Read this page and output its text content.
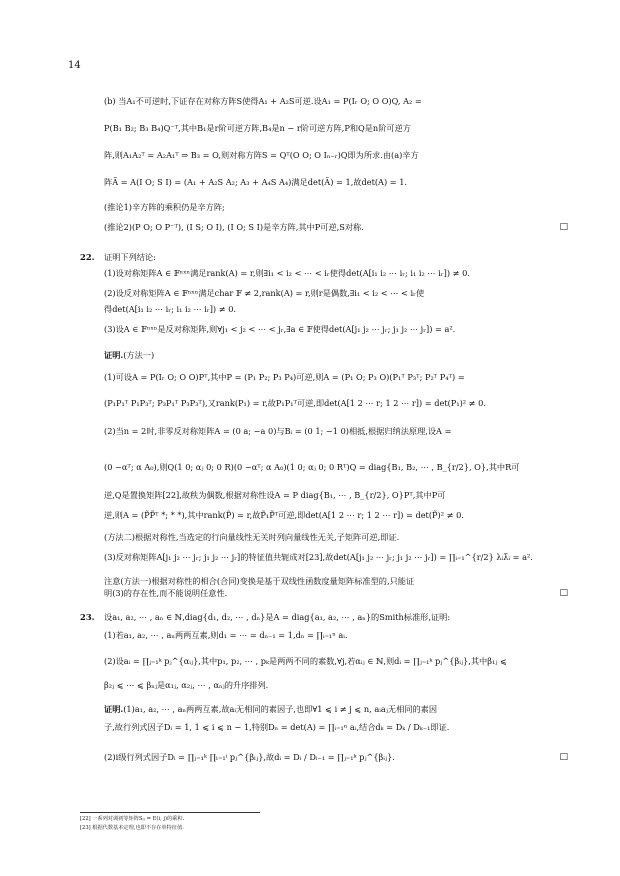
14
(b) 当A₁不可逆时,下证存在对称方阵S使得A₁ + A₂S可逆.设A₁ = P(Iᵣ O; O O)Q, A₂ =
P(B₁ B₂; B₃ B₄)Q⁻ᵀ,其中B₁是r阶可逆方阵,B₄是n − r阶可逆方阵,P和Q是n阶可逆方
阵,则A₁A₂ᵀ = A₂A₁ᵀ ⇒ B₃ = O,则对称方阵S = Qᵀ(O O; O Iₙ₋ᵣ)Q即为所求.由(a)辛方
阵Ã = A(I O; S I) = (A₁ + A₂S A₂; A₃ + A₄S A₄)满足det(Ã) = 1,故det(A) = 1.
(推论1)辛方阵的乘积仍是辛方阵;
(推论2)(P O; O P⁻ᵀ), (I S; O I), (I O; S I)是辛方阵,其中P可逆,S对称.	□
22. 证明下列结论:
(1)设对称矩阵A ∈ 𝔽ⁿˣⁿ满足rank(A) = r,则∃i₁ < i₂ < ⋯ < iᵣ使得det(A[i₁ i₂ ⋯ iᵣ; i₁ i₂ ⋯ iᵣ]) ≠ 0.
(2)设反对称矩阵A ∈ 𝔽ⁿˣⁿ满足char 𝔽 ≠ 2,rank(A) = r,则r是偶数,∃i₁ < i₂ < ⋯ < iᵣ使
得det(A[i₁ i₂ ⋯ iᵣ; i₁ i₂ ⋯ iᵣ]) ≠ 0.
(3)设A ∈ 𝔽ⁿˣⁿ是反对称矩阵,则∀j₁ < j₂ < ⋯ < jᵣ,∃a ∈ 𝔽使得det(A[j₁ j₂ ⋯ jᵣ; j₁ j₂ ⋯ jᵣ]) = a².
证明.(方法一)
(1)可设A = P(Iᵣ O; O O)Pᵀ,其中P = (P₁ P₂; P₃ P₄)可逆,则A = (P₁ O; P₃ O)(P₁ᵀ P₃ᵀ; P₂ᵀ P₄ᵀ) =
(P₁P₁ᵀ P₁P₃ᵀ; P₃P₁ᵀ P₃P₃ᵀ),又rank(P₁) = r,故P₁P₁ᵀ可逆,即det(A[1 2 ⋯ r; 1 2 ⋯ r]) = det(P₁)² ≠ 0.
(2)当n = 2时,非零反对称矩阵A = (0 a; −a 0)与Bᵢ = (0 1; −1 0)相抵,根据归纳法原理,设A =
(0 −αᵀ; α A₀),则Q(1 0; αⱼ 0; 0 R)(0 −αᵀ; α A₀)(1 0; αⱼ 0; 0 Rᵀ)Q = diag{B₁, B₂, ⋯ , B_{r/2}, O},其中R可
逆,Q是置换矩阵[22],故秩为偶数,根据对称性设A = P diag{B₁, ⋯ , B_{r/2}, O}Pᵀ,其中P可
逆,则A = (P̃P̃ᵀ *; * *),其中rank(P̃) = r,故P̃₁P̃ᵀ可逆,即det(A[1 2 ⋯ r; 1 2 ⋯ r]) = det(P̃)² ≠ 0.
(方法二)根据对称性,当选定的行向量线性无关时列向量线性无关,子矩阵可逆,即证.
(3)反对称矩阵A[j₁ j₂ ⋯ jᵣ; j₁ j₂ ⋯ jᵣ]的特征值共轭成对[23],故det(A[j₁ j₂ ⋯ jᵣ; j₁ j₂ ⋯ jᵣ]) = ∏ᵢ₌₁^{r/2} λᵢλ̄ᵢ = a².
注意(方法一)根据对称性的相合(合同)变换是基于双线性函数度量矩阵标准型的,只能证
明(3)的存在性,而不能说明任意性.	□
23. 设a₁, a₂, ⋯ , aₙ ∈ ℕ,diag{d₁, d₂, ⋯ , dₙ}是A = diag{a₁, a₂, ⋯ , aₙ}的Smith标准形,证明:
(1)若a₁, a₂, ⋯ , aₙ两两互素,则d₁ = ⋯ = dₙ₋₁ = 1,dₙ = ∏ᵢ₌₁ⁿ aᵢ.
(2)设aᵢ = ∏ⱼ₌₁ᵏ pⱼ^{αᵢⱼ},其中p₁, p₂, ⋯ , pₖ是两两不同的素数,∀j,若αᵢⱼ ∈ ℕ,则dᵢ = ∏ⱼ₌₁ᵏ pⱼ^{βᵢⱼ},其中β₁ⱼ ⩽
β₂ⱼ ⩽ ⋯ ⩽ βₙⱼ是α₁ⱼ, α₂ⱼ, ⋯ , αₙⱼ的升序排列.
证明.(1)a₁, a₂, ⋯ , aₙ两两互素,故aᵢ无相同的素因子,也即∀1 ⩽ i ≠ j ⩽ n, aᵢaⱼ无相同的素因
子,故行列式因子Dᵢ = 1, 1 ⩽ i ⩽ n − 1,特别Dₙ = det(A) = ∏ᵢ₌₁ⁿ aᵢ,结合dₖ = Dₖ / Dₖ₋₁即证.
(2)i级行列式因子Dᵢ = ∏ⱼ₌₁ᵏ ∏ₗ₌₁ⁱ pⱼ^{βₗⱼ},故dᵢ = Dᵢ / Dᵢ₋₁ = ∏ⱼ₌₁ᵏ pⱼ^{βᵢⱼ}.	□
[22] 一系列对调初等矩阵Sᵢⱼ = E(i, j)的乘积.
[23] 根据代数基本定理,也即不存在单特征值.
